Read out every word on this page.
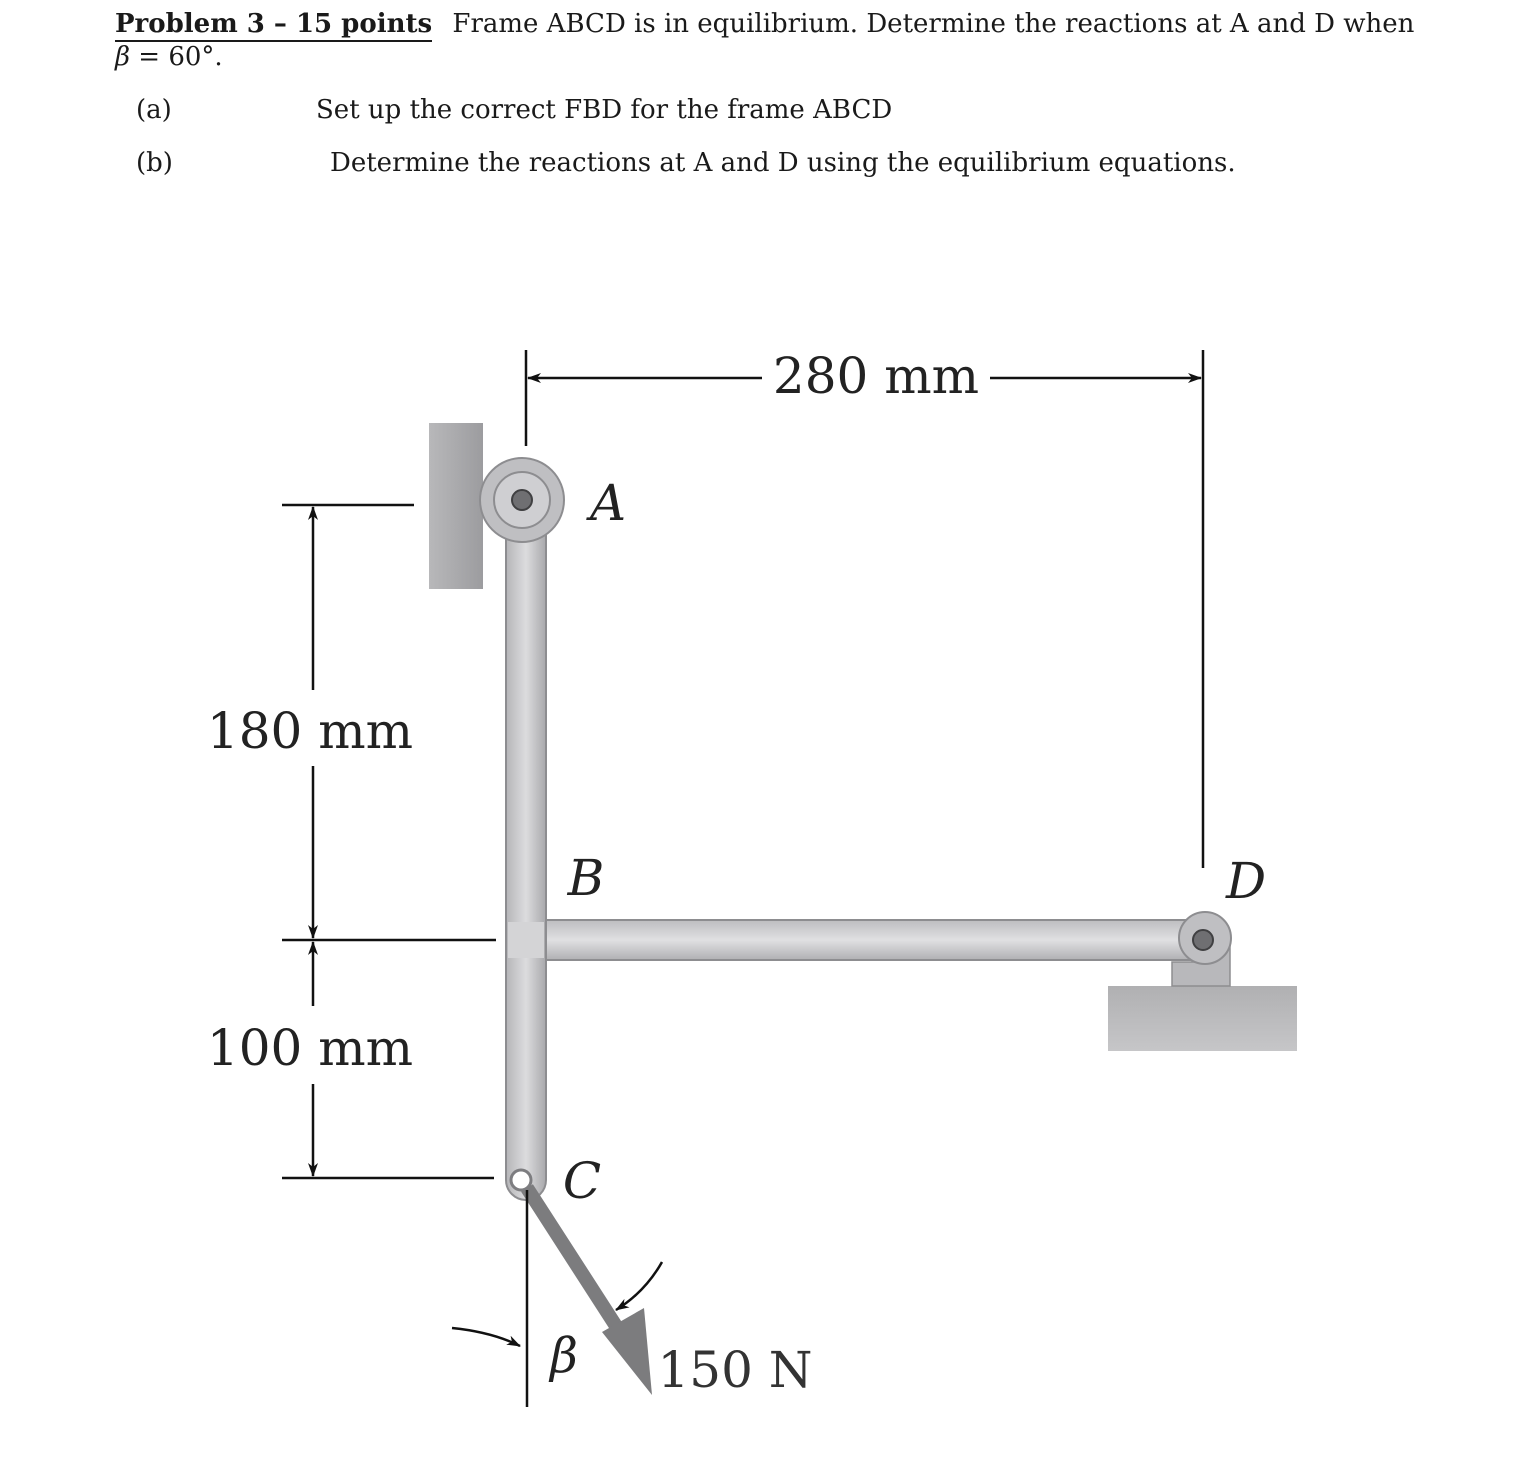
Problem 3 – 15 points Frame ABCD is in equilibrium. Determine the reactions at A and D when
β = 60°.
(a)	Set up the correct FBD for the frame ABCD
(b)	Determine the reactions at A and D using the equilibrium equations.
280 mm
180 mm
100 mm
A
B
C
D
β 150 N
